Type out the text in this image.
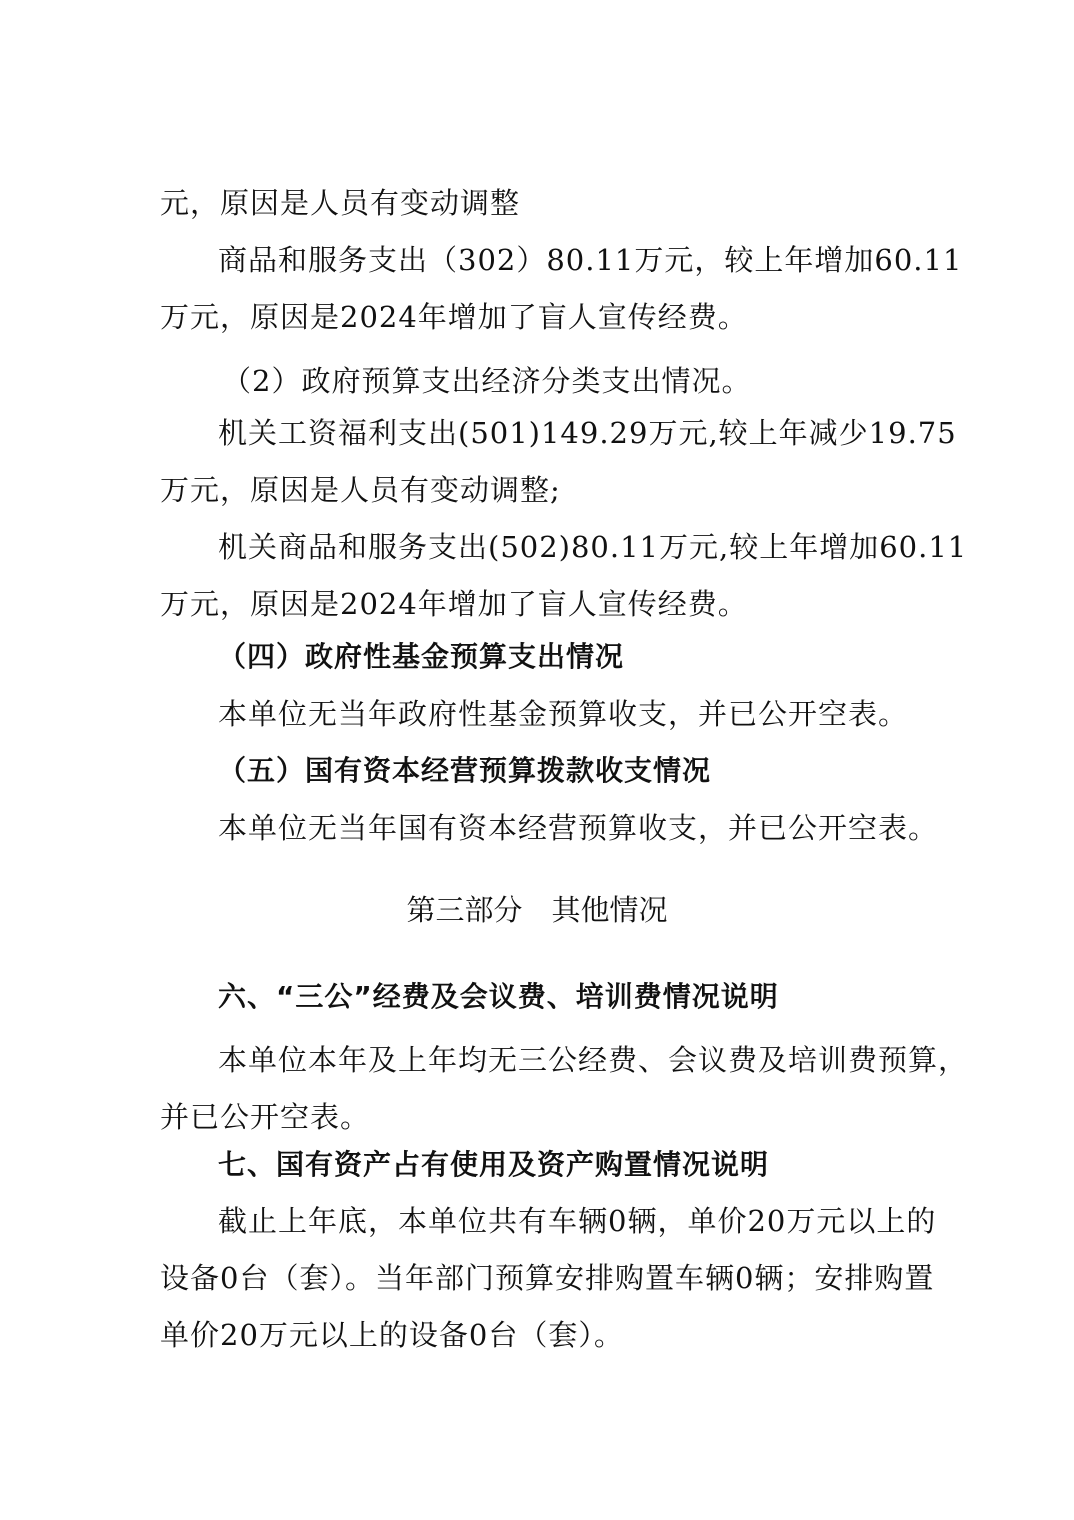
元，原因是人员有变动调整
商品和服务支出（302）80.11万元，较上年增加60.11
万元，原因是2024年增加了盲人宣传经费。
（2）政府预算支出经济分类支出情况。
机关工资福利支出(501)149.29万元,较上年减少19.75
万元，原因是人员有变动调整;
机关商品和服务支出(502)80.11万元,较上年增加60.11
万元，原因是2024年增加了盲人宣传经费。
（四）政府性基金预算支出情况
本单位无当年政府性基金预算收支，并已公开空表。
（五）国有资本经营预算拨款收支情况
本单位无当年国有资本经营预算收支，并已公开空表。
第三部分　其他情况
六、“三公”经费及会议费、培训费情况说明
本单位本年及上年均无三公经费、会议费及培训费预算，
并已公开空表。
七、国有资产占有使用及资产购置情况说明
截止上年底，本单位共有车辆0辆，单价20万元以上的
设备0台（套）。当年部门预算安排购置车辆0辆；安排购置
单价20万元以上的设备0台（套）。
